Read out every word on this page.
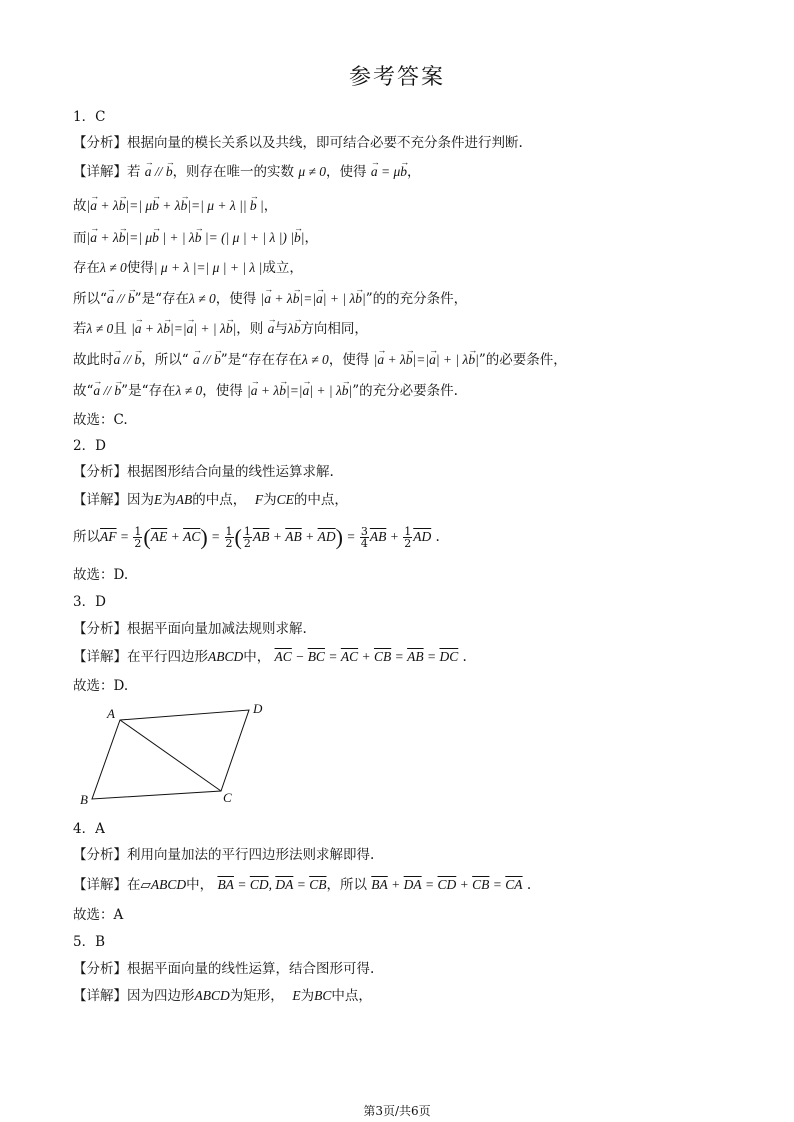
参考答案
1．C
【分析】根据向量的模长关系以及共线，即可结合必要不充分条件进行判断.
【详解】若 → a // → b，则存在唯一的实数 μ ≠ 0，使得 → a = μ→ b，
故|→ a + λ→ b|=| μ→ b + λ→ b|=| μ + λ || → b |，
而|→ a + λ→ b|=| μ→ b | + | λ→ b |= (| μ | + | λ |) |→ b|，
存在λ ≠ 0使得| μ + λ |=| μ | + | λ |成立，
所以“→ a // → b”是“存在λ ≠ 0，使得 |→ a + λ→ b|=|→ a| + | λ→ b|”的的充分条件，
若λ ≠ 0且 |→ a + λ→ b|=|→ a| + | λ→ b|，则 → a与λ→ b方向相同，
故此时→ a // → b，所以“ → a // → b”是“存在存在λ ≠ 0，使得 |→ a + λ→ b|=|→ a| + | λ→ b|”的必要条件，
故“→ a // → b”是“存在λ ≠ 0，使得 |→ a + λ→ b|=|→ a| + | λ→ b|”的充分必要条件.
故选：C.
2．D
【分析】根据图形结合向量的线性运算求解.
【详解】因为E为AB的中点， F为CE的中点，
所以$\overline{AF} = \frac{1}{2} (\overline{AE} + \overline{AC}) = \frac{1}{2}$ ( $\frac{1}{2} \overline{AB} + \overline{AB} + \overline{AD}) = \frac{3}{4} \overline{AB} + \frac{1}{2} \overline{AD}$ .
故选：D.
3．D
【分析】根据平面向量加减法规则求解.
【详解】在平行四边形ABCD中， $\overline{AC} - \overline{BC} = \overline{AC} + \overline{CB} = \overline{AB} = \overline{DC}$ .
故选：D.
A	D
C
B
4．A
【分析】利用向量加法的平行四边形法则求解即得.
【详解】在▱ABCD中， $\overline{BA} = \overline{CD}$, $\overline{DA} = \overline{CB}$，所以 $\overline{BA} + \overline{DA} = \overline{CD} + \overline{CB} = \overline{CA}$ .
故选：A
5．B
【分析】根据平面向量的线性运算，结合图形可得.
【详解】因为四边形ABCD为矩形， E为BC中点，
第3页/共6页
